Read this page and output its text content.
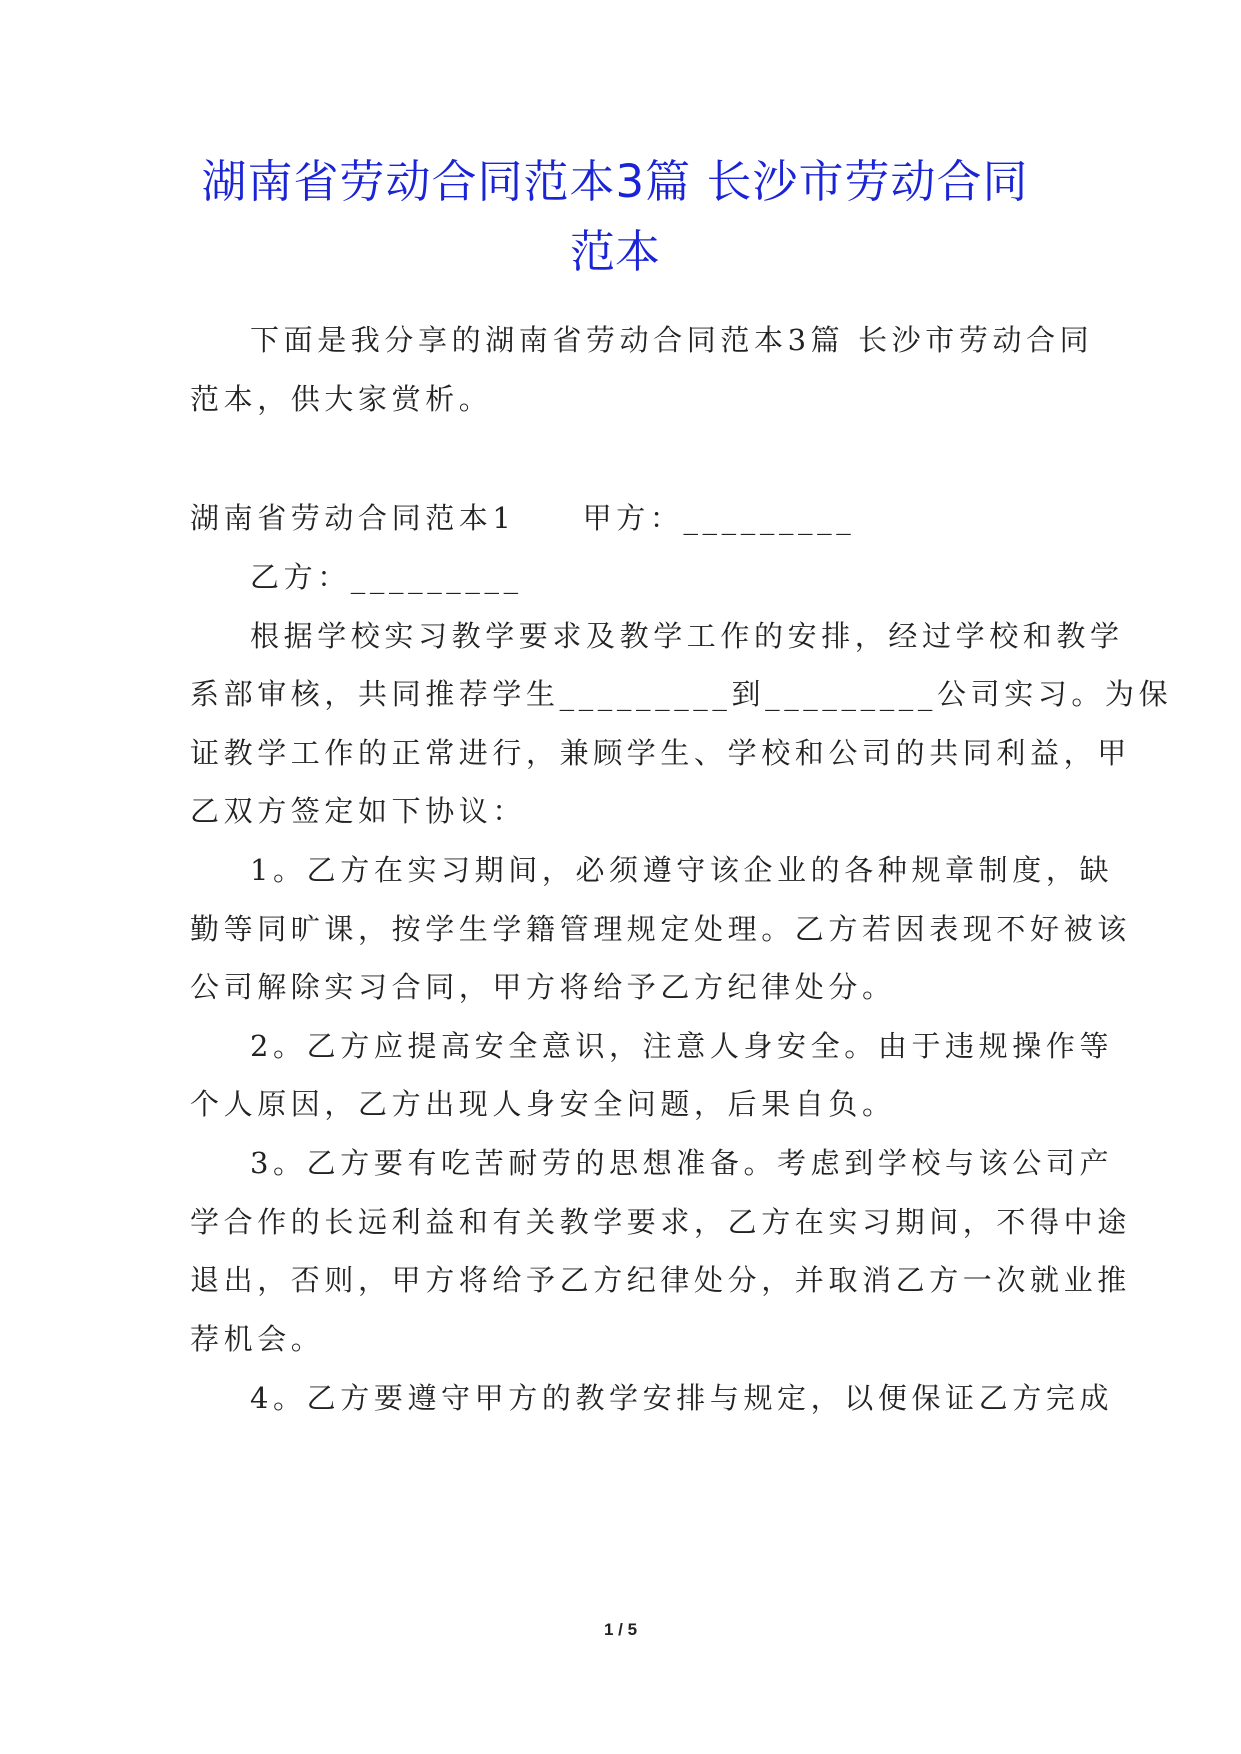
湖南省劳动合同范本3篇 长沙市劳动合同
范本
下面是我分享的湖南省劳动合同范本3篇 长沙市劳动合同
范本，供大家赏析。
湖南省劳动合同范本1　　甲方：_________
乙方：_________
根据学校实习教学要求及教学工作的安排，经过学校和教学
系部审核，共同推荐学生_________到_________公司实习。为保
证教学工作的正常进行，兼顾学生、学校和公司的共同利益，甲
乙双方签定如下协议：
1。乙方在实习期间，必须遵守该企业的各种规章制度，缺
勤等同旷课，按学生学籍管理规定处理。乙方若因表现不好被该
公司解除实习合同，甲方将给予乙方纪律处分。
2。乙方应提高安全意识，注意人身安全。由于违规操作等
个人原因，乙方出现人身安全问题，后果自负。
3。乙方要有吃苦耐劳的思想准备。考虑到学校与该公司产
学合作的长远利益和有关教学要求，乙方在实习期间，不得中途
退出，否则，甲方将给予乙方纪律处分，并取消乙方一次就业推
荐机会。
4。乙方要遵守甲方的教学安排与规定，以便保证乙方完成
1 / 5
